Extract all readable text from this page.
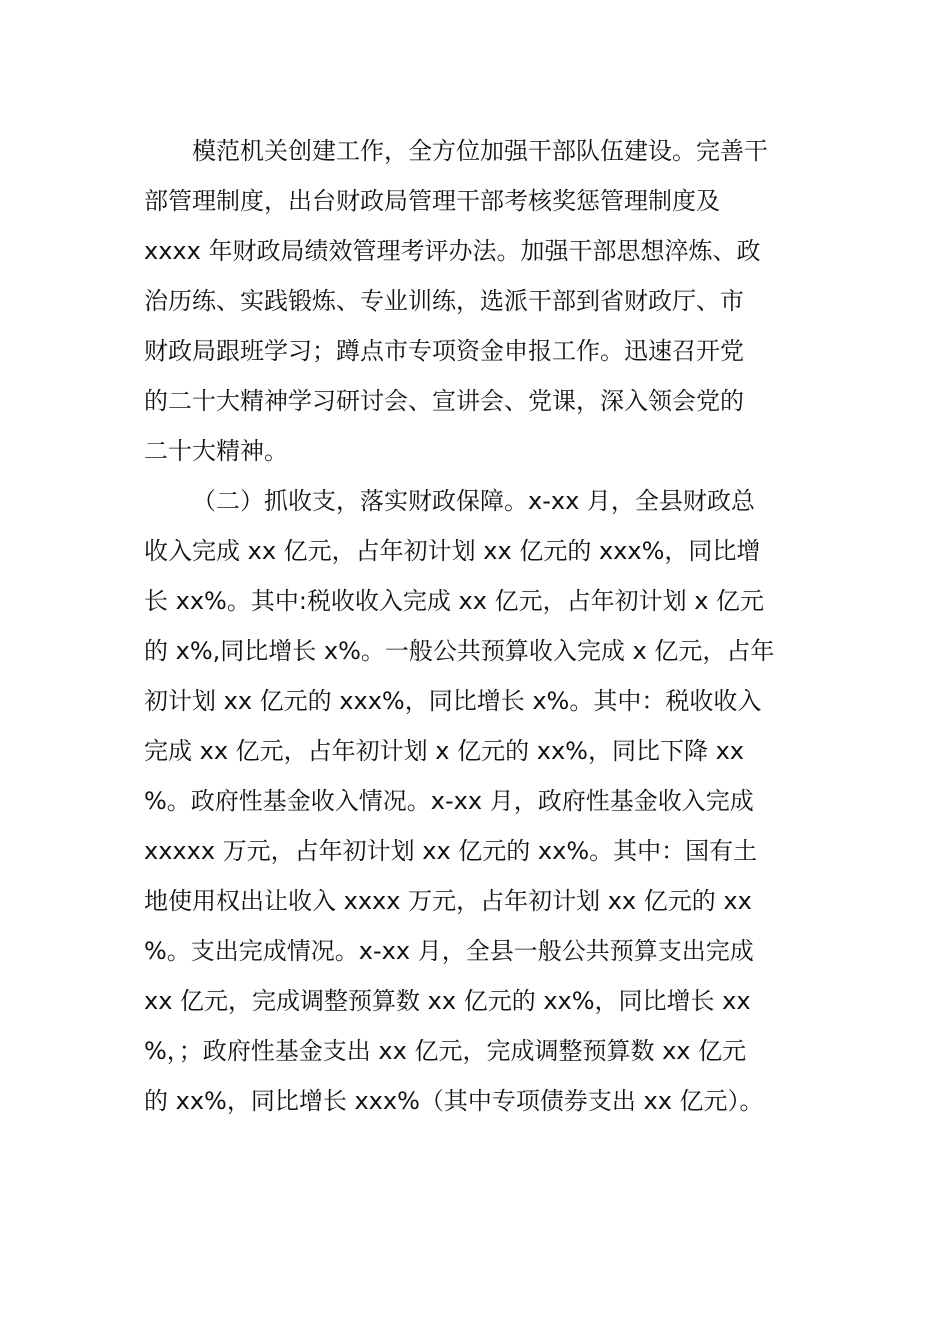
模范机关创建工作，全方位加强干部队伍建设。完善干
部管理制度，出台财政局管理干部考核奖惩管理制度及
xxxx 年财政局绩效管理考评办法。加强干部思想淬炼、政
治历练、实践锻炼、专业训练，选派干部到省财政厅、市
财政局跟班学习；蹲点市专项资金申报工作。迅速召开党
的二十大精神学习研讨会、宣讲会、党课，深入领会党的
二十大精神。
（二）抓收支，落实财政保障。x-xx 月，全县财政总
收入完成 xx 亿元，占年初计划 xx 亿元的 xxx%，同比增
长 xx%。其中:税收收入完成 xx 亿元，占年初计划 x 亿元
的 x%,同比增长 x%。一般公共预算收入完成 x 亿元，占年
初计划 xx 亿元的 xxx%，同比增长 x%。其中：税收收入
完成 xx 亿元，占年初计划 x 亿元的 xx%，同比下降 xx
%。政府性基金收入情况。x-xx 月，政府性基金收入完成
xxxxx 万元，占年初计划 xx 亿元的 xx%。其中：国有土
地使用权出让收入 xxxx 万元，占年初计划 xx 亿元的 xx
%。支出完成情况。x-xx 月，全县一般公共预算支出完成
xx 亿元，完成调整预算数 xx 亿元的 xx%，同比增长 xx
%，；政府性基金支出 xx 亿元，完成调整预算数 xx 亿元
的 xx%，同比增长 xxx%（其中专项债券支出 xx 亿元）。
